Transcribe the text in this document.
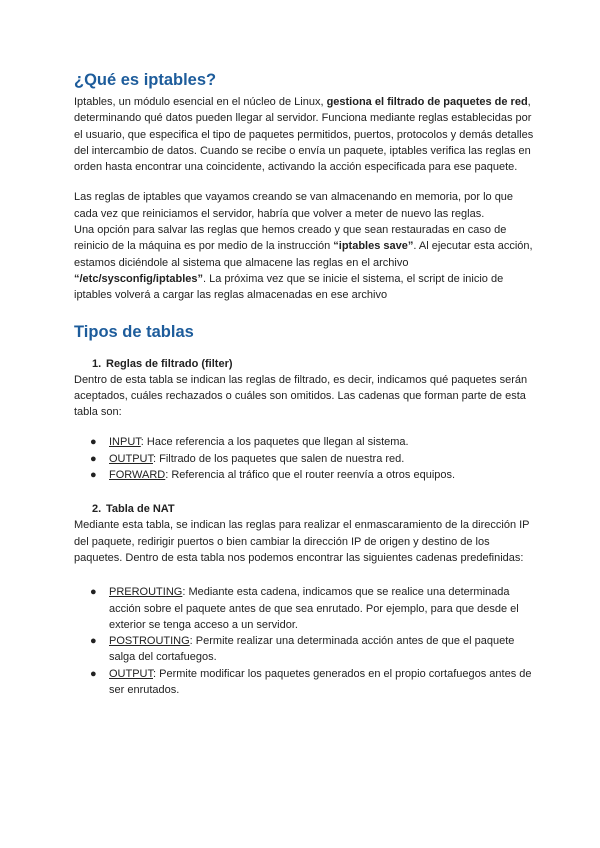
¿Qué es iptables?

Iptables, un módulo esencial en el núcleo de Linux, gestiona el filtrado de paquetes de red, determinando qué datos pueden llegar al servidor. Funciona mediante reglas establecidas por el usuario, que especifica el tipo de paquetes permitidos, puertos, protocolos y demás detalles del intercambio de datos. Cuando se recibe o envía un paquete, iptables verifica las reglas en orden hasta encontrar una coincidente, activando la acción especificada para ese paquete.

Las reglas de iptables que vayamos creando se van almacenando en memoria, por lo que cada vez que reiniciamos el servidor, habría que volver a meter de nuevo las reglas.

Una opción para salvar las reglas que hemos creado y que sean restauradas en caso de reinicio de la máquina es por medio de la instrucción “iptables save”. Al ejecutar esta acción, estamos diciéndole al sistema que almacene las reglas en el archivo “/etc/sysconfig/iptables”. La próxima vez que se inicie el sistema, el script de inicio de iptables volverá a cargar las reglas almacenadas en ese archivo

Tipos de tablas
1. Reglas de filtrado (filter)

Dentro de esta tabla se indican las reglas de filtrado, es decir, indicamos qué paquetes serán aceptados, cuáles rechazados o cuáles son omitidos. Las cadenas que forman parte de esta tabla son:

● INPUT: Hace referencia a los paquetes que llegan al sistema.
● OUTPUT: Filtrado de los paquetes que salen de nuestra red.
● FORWARD: Referencia al tráfico que el router reenvía a otros equipos.
2. Tabla de NAT

Mediante esta tabla, se indican las reglas para realizar el enmascaramiento de la dirección IP del paquete, redirigir puertos o bien cambiar la dirección IP de origen y destino de los paquetes. Dentro de esta tabla nos podemos encontrar las siguientes cadenas predefinidas:

● PREROUTING: Mediante esta cadena, indicamos que se realice una determinada acción sobre el paquete antes de que sea enrutado. Por ejemplo, para que desde el exterior se tenga acceso a un servidor.
● POSTROUTING: Permite realizar una determinada acción antes de que el paquete salga del cortafuegos.
● OUTPUT: Permite modificar los paquetes generados en el propio cortafuegos antes de ser enrutados.
